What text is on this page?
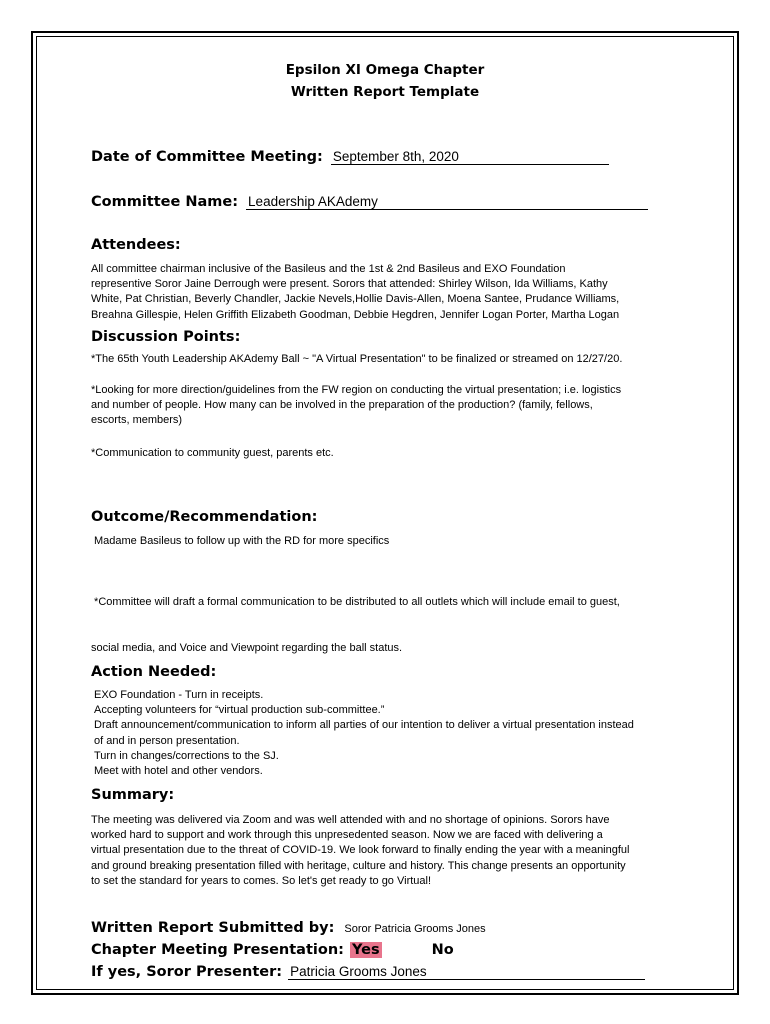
Epsilon XI Omega Chapter
Written Report Template
Date of Committee Meeting: September 8th, 2020
Committee Name: Leadership AKAdemy
Attendees:
All committee chairman inclusive of the Basileus and the 1st & 2nd Basileus and EXO Foundation
representive Soror Jaine Derrough were present. Sorors that attended: Shirley Wilson, Ida Williams, Kathy
White, Pat Christian, Beverly Chandler, Jackie Nevels,Hollie Davis-Allen, Moena Santee, Prudance Williams,
Breahna Gillespie, Helen Griffith Elizabeth Goodman, Debbie Hegdren, Jennifer Logan Porter, Martha Logan
Discussion Points:
*The 65th Youth Leadership AKAdemy Ball ~ "A Virtual Presentation" to be finalized or streamed on 12/27/20.
*Looking for more direction/guidelines from the FW region on conducting the virtual presentation; i.e. logistics
and number of people. How many can be involved in the preparation of the production? (family, fellows,
escorts, members)
*Communication to community guest, parents etc.
Outcome/Recommendation:
Madame Basileus to follow up with the RD for more specifics

*Committee will draft a formal communication to be distributed to all outlets which will include email to guest,

social media, and Voice and Viewpoint regarding the ball status.

Action Needed:
EXO Foundation - Turn in receipts.
Accepting volunteers for “virtual production sub-committee.”
Draft announcement/communication to inform all parties of our intention to deliver a virtual presentation instead
of and in person presentation.
Turn in changes/corrections to the SJ.
Meet with hotel and other vendors.
Summary:
The meeting was delivered via Zoom and was well attended with and no shortage of opinions. Sorors have
worked hard to support and work through this unpresedented season. Now we are faced with delivering a
virtual presentation due to the threat of COVID-19. We look forward to finally ending the year with a meaningful
and ground breaking presentation filled with heritage, culture and history. This change presents an opportunity
to set the standard for years to comes. So let's get ready to go Virtual!
Written Report Submitted by: Soror Patricia Grooms Jones
Chapter Meeting Presentation: Yes	No
If yes, Soror Presenter: Patricia Grooms Jones
